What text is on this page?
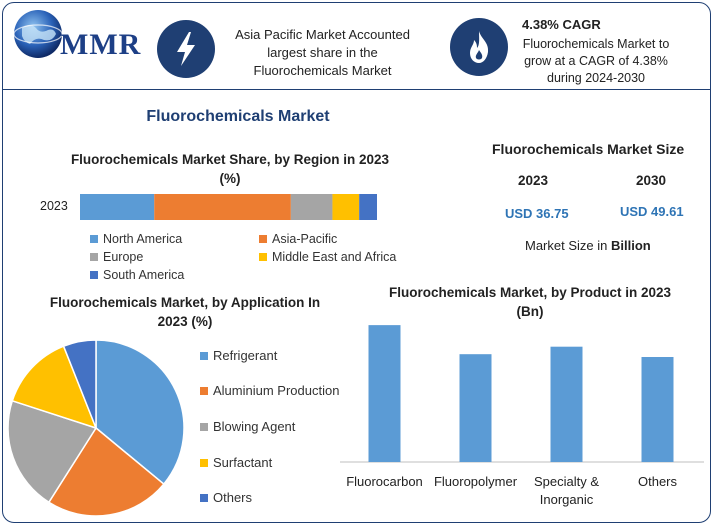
MMR	Asia Pacific Market Accounted largest share in the Fluorochemicals Market
4.38% CAGR
Fluorochemicals Market to grow at a CAGR of 4.38% during 2024-2030
Fluorochemicals Market
Fluorochemicals Market Share, by Region in 2023 (%)
2023
North America	Asia-Pacific
Europe	Middle East and Africa
South America
Fluorochemicals Market Size
2023	2030
USD 36.75	USD 49.61
Market Size in Billion
Fluorochemicals Market, by Application In 2023 (%)
Refrigerant
Aluminium Production
Blowing Agent
Surfactant
Others
Fluorochemicals Market, by Product in 2023 (Bn)
Fluorocarbon Fluoropolymer Specialty &
Inorganic
Others
